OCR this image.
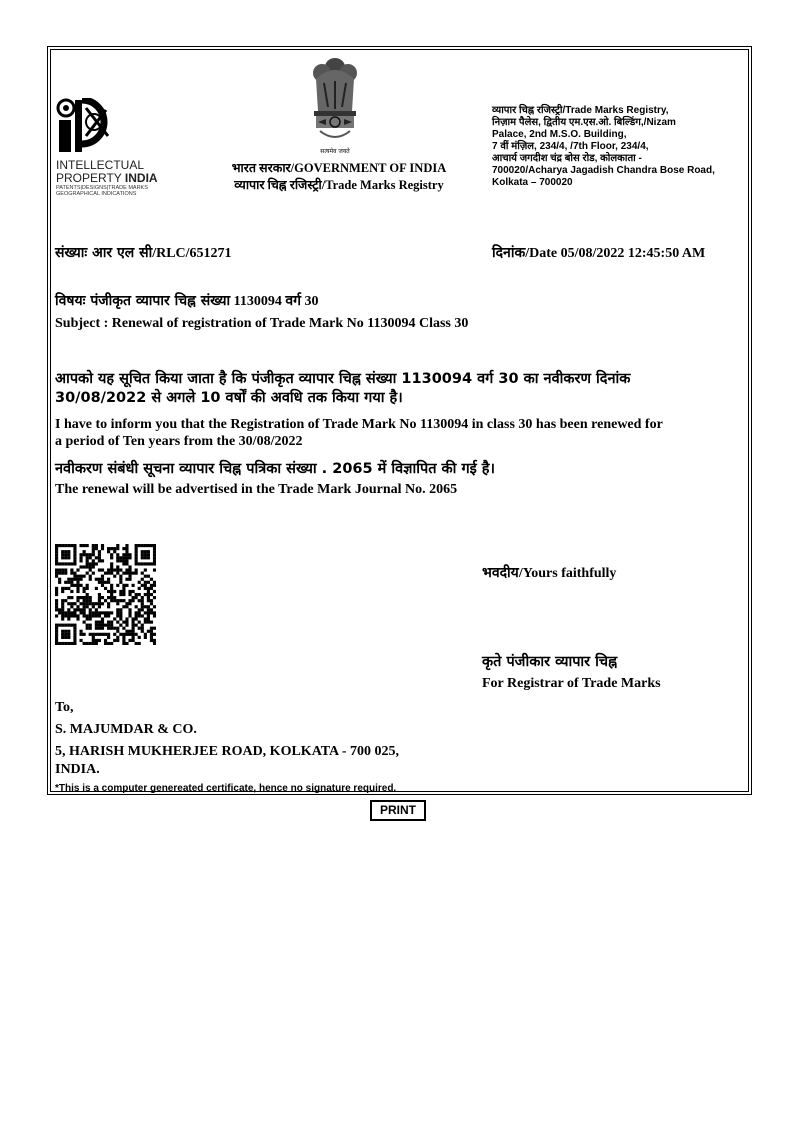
INTELLECTUAL
PROPERTY INDIA
PATENTS|DESIGNS|TRADE MARKS
GEOGRAPHICAL INDICATIONS
सत्यमेव जयते
भारत सरकार/GOVERNMENT OF INDIA
व्यापार चिह्न रजिस्ट्री/Trade Marks Registry
व्यापार चिह्न रजिस्ट्री/Trade Marks Registry,
निज़ाम पैलेस, द्वितीय एम.एस.ओ. बिल्डिंग,/Nizam
Palace, 2nd M.S.O. Building,
7 वीं मंज़िल, 234/4, /7th Floor, 234/4,
आचार्य जगदीश चंद्र बोस रोड, कोलकाता -
700020/Acharya Jagadish Chandra Bose Road,
Kolkata – 700020
संख्याः आर एल सी/RLC/651271	दिनांक/Date 05/08/2022 12:45:50 AM
विषयः पंजीकृत व्यापार चिह्न संख्या 1130094 वर्ग 30
Subject : Renewal of registration of Trade Mark No 1130094 Class 30
आपको यह सूचित किया जाता है कि पंजीकृत व्यापार चिह्न संख्या 1130094 वर्ग 30 का नवीकरण दिनांक
30/08/2022 से अगले 10 वर्षों की अवधि तक किया गया है।
I have to inform you that the Registration of Trade Mark No 1130094 in class 30 has been renewed for
a period of Ten years from the 30/08/2022
नवीकरण संबंधी सूचना व्यापार चिह्न पत्रिका संख्या . 2065 में विज्ञापित की गई है।
The renewal will be advertised in the Trade Mark Journal No. 2065
भवदीय/Yours faithfully
कृते पंजीकार व्यापार चिह्न
For Registrar of Trade Marks
To,
S. MAJUMDAR & CO.
5, HARISH MUKHERJEE ROAD, KOLKATA - 700 025,
INDIA.
*This is a computer genereated certificate, hence no signature required.
PRINT
